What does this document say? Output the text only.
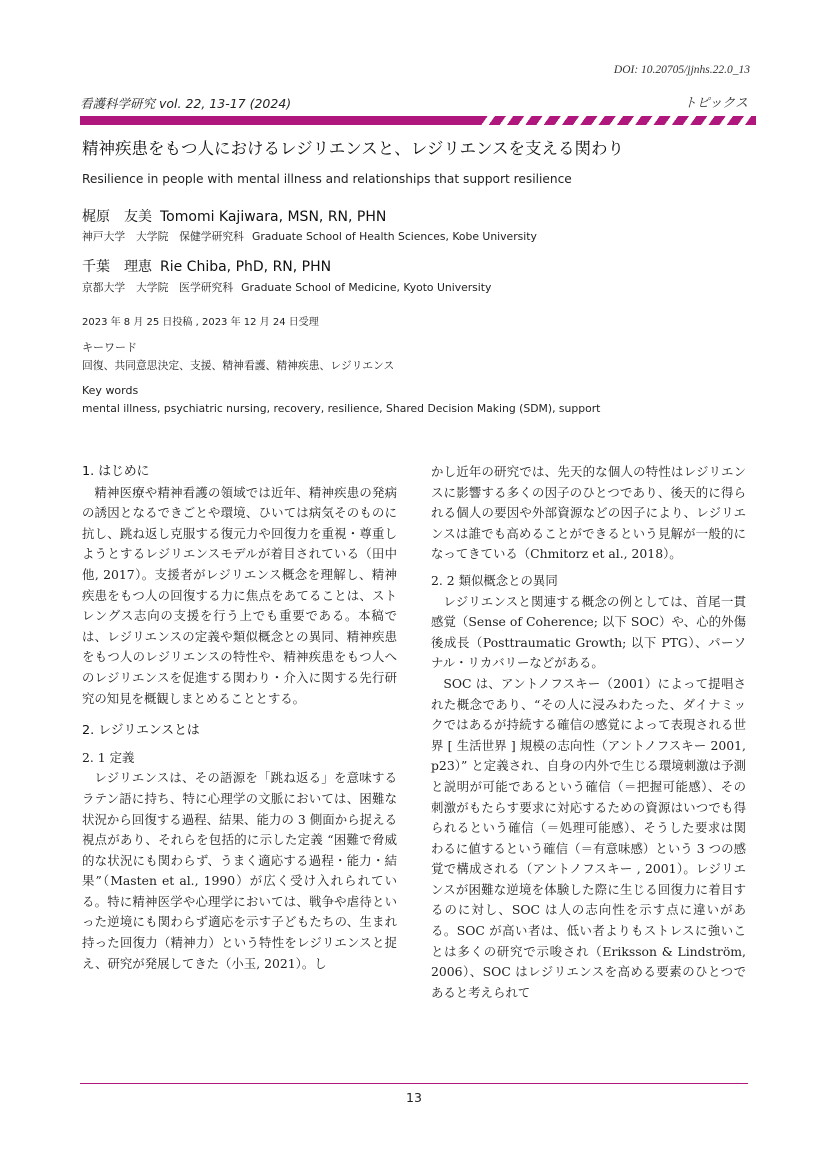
DOI: 10.20705/jjnhs.22.0_13
看護科学研究 vol. 22, 13-17 (2024)	トピックス
精神疾患をもつ人におけるレジリエンスと、レジリエンスを支える関わり
Resilience in people with mental illness and relationships that support resilience
梶原　友美 Tomomi Kajiwara, MSN, RN, PHN
神戸大学　大学院　保健学研究科 Graduate School of Health Sciences, Kobe University
千葉　理恵 Rie Chiba, PhD, RN, PHN
京都大学　大学院　医学研究科 Graduate School of Medicine, Kyoto University
2023 年 8 月 25 日投稿 , 2023 年 12 月 24 日受理
キーワード
回復、共同意思決定、支援、精神看護、精神疾患、レジリエンス
Key words
mental illness, psychiatric nursing, recovery, resilience, Shared Decision Making (SDM), support
1. はじめに

精神医療や精神看護の領域では近年、精神疾患の発病の誘因となるできごとや環境、ひいては病気そのものに抗し、跳ね返し克服する復元力や回復力を重視・尊重しようとするレジリエンスモデルが着目されている（田中 他, 2017）。支援者がレジリエンス概念を理解し、精神疾患をもつ人の回復する力に焦点をあてることは、ストレングス志向の支援を行う上でも重要である。本稿では、レジリエンスの定義や類似概念との異同、精神疾患をもつ人のレジリエンスの特性や、精神疾患をもつ人へのレジリエンスを促進する関わり・介入に関する先行研究の知見を概観しまとめることとする。

2. レジリエンスとは
2. 1 定義

レジリエンスは、その語源を「跳ね返る」を意味するラテン語に持ち、特に心理学の文脈においては、困難な状況から回復する過程、結果、能力の 3 側面から捉える視点があり、それらを包括的に示した定義 “困難で脅威的な状況にも関わらず、うまく適応する過程・能力・結果”（Masten et al., 1990）が広く受け入れられている。特に精神医学や心理学においては、戦争や虐待といった逆境にも関わらず適応を示す子どもたちの、生まれ持った回復力（精神力）という特性をレジリエンスと捉え、研究が発展してきた（小玉, 2021）。し

かし近年の研究では、先天的な個人の特性はレジリエンスに影響する多くの因子のひとつであり、後天的に得られる個人の要因や外部資源などの因子により、レジリエンスは誰でも高めることができるという見解が一般的になってきている（Chmitorz et al., 2018）。

2. 2 類似概念との異同

レジリエンスと関連する概念の例としては、首尾一貫感覚（Sense of Coherence; 以下 SOC）や、心的外傷後成長（Posttraumatic Growth; 以下 PTG）、パーソナル・リカバリーなどがある。

SOC は、アントノフスキー（2001）によって提唱された概念であり、“その人に浸みわたった、ダイナミックではあるが持続する確信の感覚によって表現される世界 [ 生活世界 ] 規模の志向性（アントノフスキー 2001, p23）” と定義され、自身の内外で生じる環境刺激は予測と説明が可能であるという確信（＝把握可能感）、その刺激がもたらす要求に対応するための資源はいつでも得られるという確信（＝処理可能感）、そうした要求は関わるに値するという確信（＝有意味感）という 3 つの感覚で構成される（アントノフスキー , 2001）。レジリエンスが困難な逆境を体験した際に生じる回復力に着目するのに対し、SOC は人の志向性を示す点に違いがある。SOC が高い者は、低い者よりもストレスに強いことは多くの研究で示唆され（Eriksson & Lindström, 2006）、SOC はレジリエンスを高める要素のひとつであると考えられて

13
